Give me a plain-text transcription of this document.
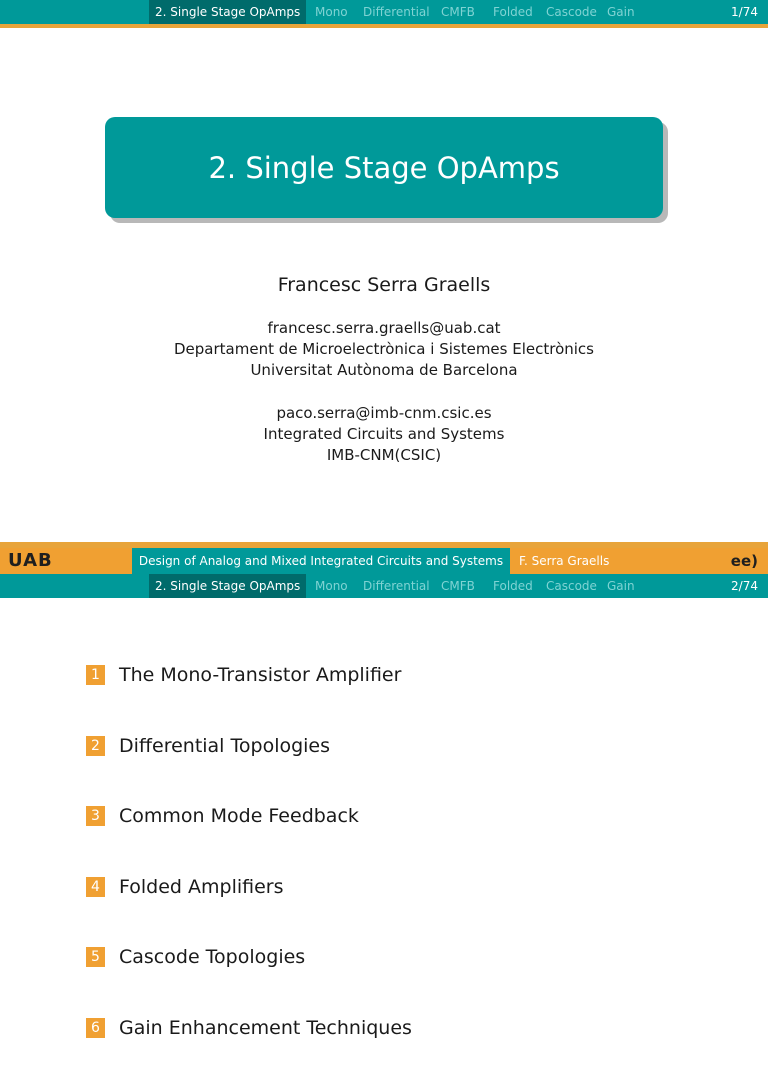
2. Single Stage OpAmps	Mono Differential CMFB Folded Cascode Gain	1/74
2. Single Stage OpAmps
Francesc Serra Graells
francesc.serra.graells@uab.cat
Departament de Microelectrònica i Sistemes Electrònics
Universitat Autònoma de Barcelona
paco.serra@imb-cnm.csic.es
Integrated Circuits and Systems
IMB-CNM(CSIC)
UAB	Design of Analog and Mixed Integrated Circuits and Systems	F. Serra Graells	ee)
2. Single Stage OpAmps	Mono Differential CMFB Folded Cascode Gain	2/74
1 The Mono-Transistor Amplifier
2 Differential Topologies
3 Common Mode Feedback
4 Folded Amplifiers
5 Cascode Topologies
6 Gain Enhancement Techniques
